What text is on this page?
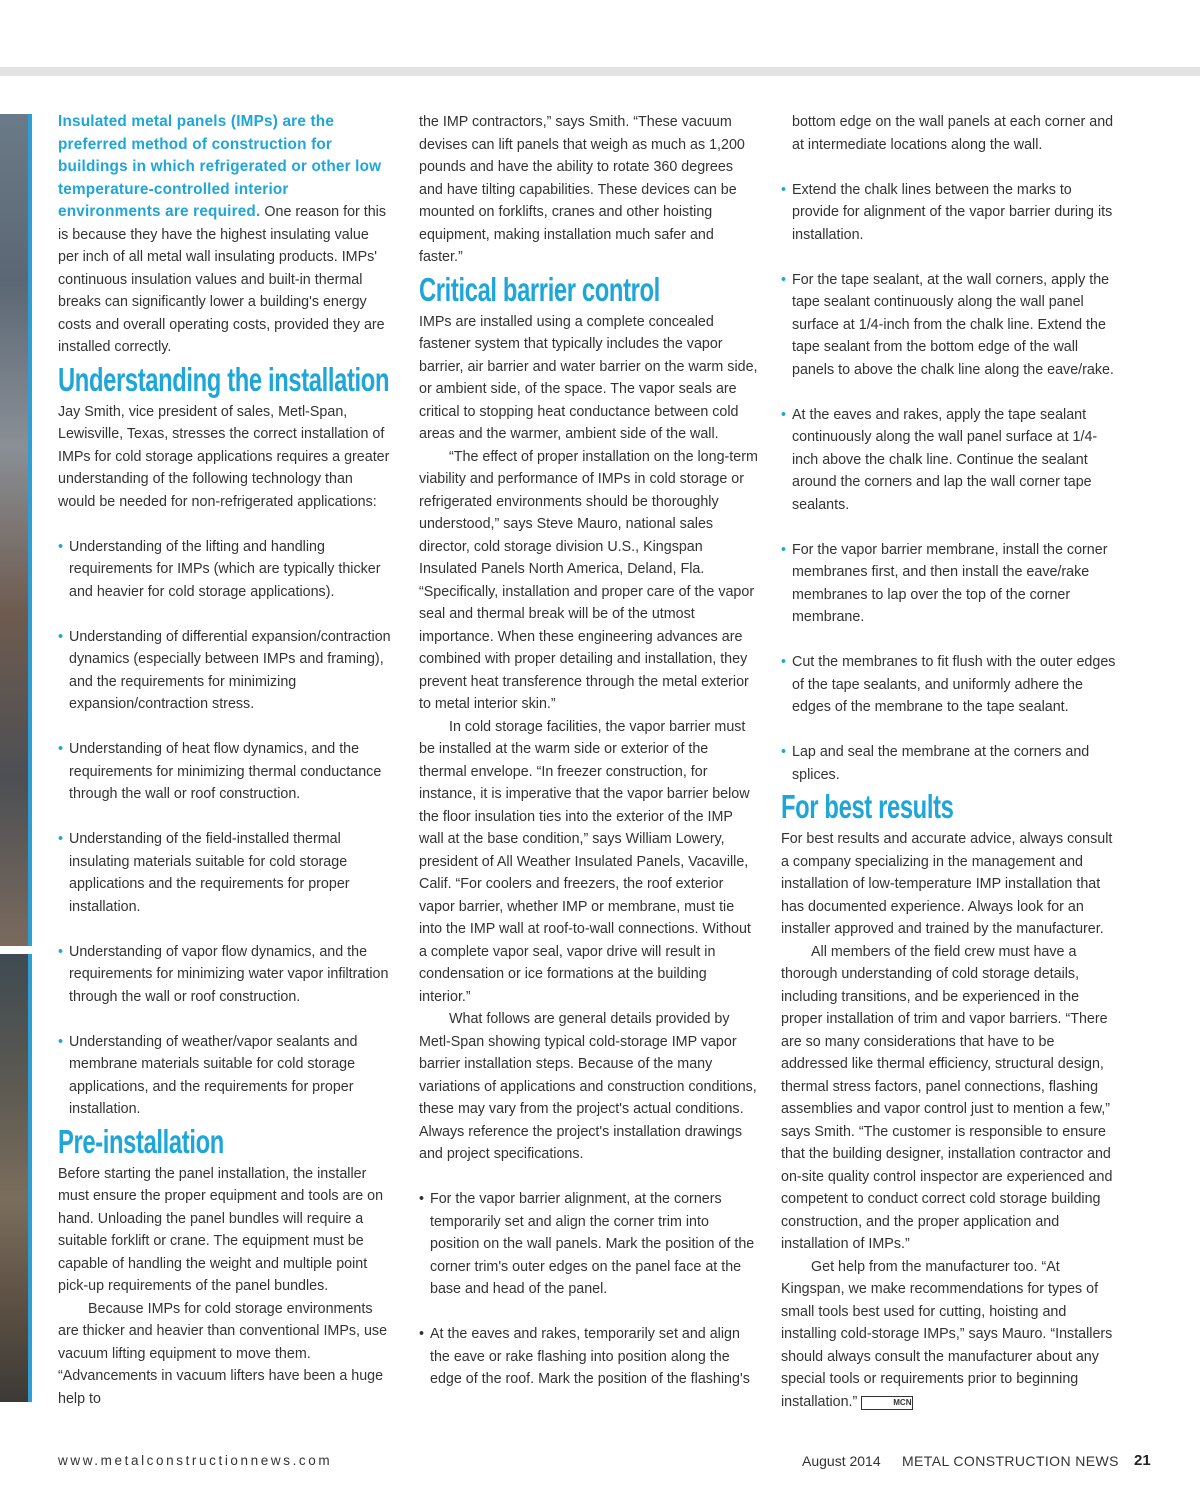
Insulated metal panels (IMPs) are the preferred method of construction for buildings in which refrigerated or other low temperature-controlled interior environments are required. One reason for this is because they have the highest insulating value per inch of all metal wall insulating products. IMPs' continuous insulation values and built-in thermal breaks can significantly lower a building's energy costs and overall operating costs, provided they are installed correctly.

Understanding the installation

Jay Smith, vice president of sales, Metl-Span, Lewisville, Texas, stresses the correct installation of IMPs for cold storage applications requires a greater understanding of the following technology than would be needed for non-refrigerated applications:

• Understanding of the lifting and handling requirements for IMPs (which are typically thicker and heavier for cold storage applications).
• Understanding of differential expansion/contraction dynamics (especially between IMPs and framing), and the requirements for minimizing expansion/contraction stress.
• Understanding of heat flow dynamics, and the requirements for minimizing thermal conductance through the wall or roof construction.
• Understanding of the field-installed thermal insulating materials suitable for cold storage applications and the requirements for proper installation.
• Understanding of vapor flow dynamics, and the requirements for minimizing water vapor infiltration through the wall or roof construction.
• Understanding of weather/vapor sealants and membrane materials suitable for cold storage applications, and the requirements for proper installation.
Pre-installation

Before starting the panel installation, the installer must ensure the proper equipment and tools are on hand. Unloading the panel bundles will require a suitable forklift or crane. The equipment must be capable of handling the weight and multiple point pick-up requirements of the panel bundles.

Because IMPs for cold storage environments are thicker and heavier than conventional IMPs, use vacuum lifting equipment to move them. “Advancements in vacuum lifters have been a huge help to

bottom edge on the wall panels at each corner and at intermediate locations along the wall.

• Extend the chalk lines between the marks to provide for alignment of the vapor barrier during its installation.
• For the tape sealant, at the wall corners, apply the tape sealant continuously along the wall panel surface at 1/4-inch from the chalk line. Extend the tape sealant from the bottom edge of the wall panels to above the chalk line along the eave/rake.
• At the eaves and rakes, apply the tape sealant continuously along the wall panel surface at 1/4-inch above the chalk line. Continue the sealant around the corners and lap the wall corner tape sealants.
• For the vapor barrier membrane, install the corner membranes first, and then install the eave/rake membranes to lap over the top of the corner membrane.
• Cut the membranes to fit flush with the outer edges of the tape sealants, and uniformly adhere the edges of the membrane to the tape sealant.
• Lap and seal the membrane at the corners and splices.
For best results

For best results and accurate advice, always consult a company specializing in the management and installation of low-temperature IMP installation that has documented experience. Always look for an installer approved and trained by the manufacturer.

All members of the field crew must have a thorough understanding of cold storage details, including transitions, and be experienced in the proper installation of trim and vapor barriers. “There are so many considerations that have to be addressed like thermal efficiency, structural design, thermal stress factors, panel connections, flashing assemblies and vapor control just to mention a few,” says Smith. “The customer is responsible to ensure that the building designer, installation contractor and on-site quality control inspector are experienced and competent to conduct correct cold storage building construction, and the proper application and installation of IMPs.”

Get help from the manufacturer too. “At Kingspan, we make recommendations for types of small tools best used for cutting, hoisting and installing cold-storage IMPs,” says Mauro. “Installers should always consult the manufacturer about any special tools or requirements prior to beginning installation.”	MCN

www.metalconstructionnews.com	August 2014 METAL CONSTRUCTION NEWS 21

the IMP contractors,” says Smith. “These vacuum devises can lift panels that weigh as much as 1,200 pounds and have the ability to rotate 360 degrees and have tilting capabilities. These devices can be mounted on forklifts, cranes and other hoisting equipment, making installation much safer and faster.”

Critical barrier control

IMPs are installed using a complete concealed fastener system that typically includes the vapor barrier, air barrier and water barrier on the warm side, or ambient side, of the space. The vapor seals are critical to stopping heat conductance between cold areas and the warmer, ambient side of the wall.

“The effect of proper installation on the long-term viability and performance of IMPs in cold storage or refrigerated environments should be thoroughly understood,” says Steve Mauro, national sales director, cold storage division U.S., Kingspan Insulated Panels North America, Deland, Fla. “Specifically, installation and proper care of the vapor seal and thermal break will be of the utmost importance. When these engineering advances are combined with proper detailing and installation, they prevent heat transference through the metal exterior to metal interior skin.”

In cold storage facilities, the vapor barrier must be installed at the warm side or exterior of the thermal envelope. “In freezer construction, for instance, it is imperative that the vapor barrier below the floor insulation ties into the exterior of the IMP wall at the base condition,” says William Lowery, president of All Weather Insulated Panels, Vacaville, Calif. “For coolers and freezers, the roof exterior vapor barrier, whether IMP or membrane, must tie into the IMP wall at roof-to-wall connections. Without a complete vapor seal, vapor drive will result in condensation or ice formations at the building interior.”

What follows are general details provided by Metl-Span showing typical cold-storage IMP vapor barrier installation steps. Because of the many variations of applications and construction conditions, these may vary from the project's actual conditions. Always reference the project's installation drawings and project specifications.

• For the vapor barrier alignment, at the corners temporarily set and align the corner trim into position on the wall panels. Mark the position of the corner trim's outer edges on the panel face at the base and head of the panel.
• At the eaves and rakes, temporarily set and align the eave or rake flashing into position along the edge of the roof. Mark the position of the flashing's
